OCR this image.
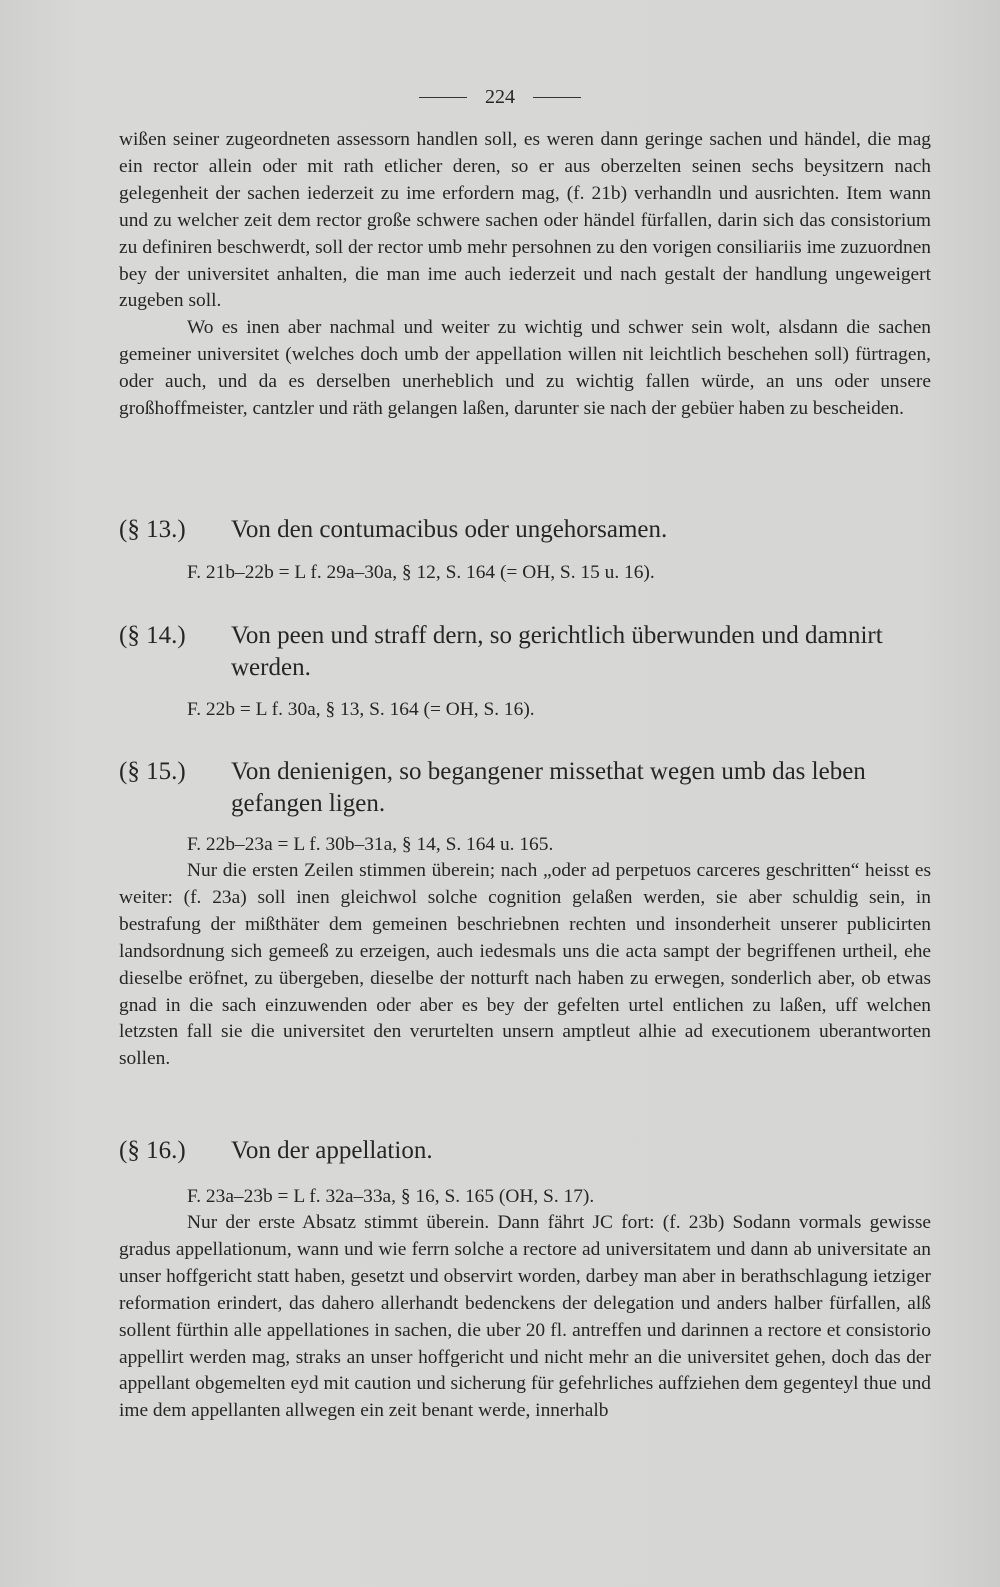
224

wißen seiner zugeordneten assessorn handlen soll, es weren dann geringe sachen und händel, die mag ein rector allein oder mit rath etlicher deren, so er aus oberzelten seinen sechs beysitzern nach gelegenheit der sachen iederzeit zu ime erfordern mag, (f. 21b) verhandln und ausrichten. Item wann und zu welcher zeit dem rector große schwere sachen oder händel fürfallen, darin sich das consistorium zu definiren beschwerdt, soll der rector umb mehr persohnen zu den vorigen consiliariis ime zuzuordnen bey der universitet anhalten, die man ime auch iederzeit und nach gestalt der handlung ungeweigert zugeben soll.

Wo es inen aber nachmal und weiter zu wichtig und schwer sein wolt, alsdann die sachen gemeiner universitet (welches doch umb der appellation willen nit leichtlich beschehen soll) fürtragen, oder auch, und da es derselben unerheblich und zu wichtig fallen würde, an uns oder unsere großhoffmeister, cantzler und räth gelangen laßen, darunter sie nach der gebüer haben zu bescheiden.

(§ 13.)	Von den contumacibus oder ungehorsamen.
F. 21b–22b = L f. 29a–30a, § 12, S. 164 (= OH, S. 15 u. 16).
(§ 14.)	Von peen und straff dern, so gerichtlich überwunden und damnirt werden.
F. 22b = L f. 30a, § 13, S. 164 (= OH, S. 16).
(§ 15.)	Von denienigen, so begangener missethat wegen umb das leben gefangen ligen.
F. 22b–23a = L f. 30b–31a, § 14, S. 164 u. 165.

Nur die ersten Zeilen stimmen überein; nach „oder ad perpetuos carceres geschritten“ heisst es weiter: (f. 23a) soll inen gleichwol solche cognition gelaßen werden, sie aber schuldig sein, in bestrafung der mißthäter dem gemeinen beschriebnen rechten und insonderheit unserer publicirten landsordnung sich gemeeß zu erzeigen, auch iedesmals uns die acta sampt der begriffenen urtheil, ehe dieselbe eröfnet, zu übergeben, dieselbe der notturft nach haben zu erwegen, sonderlich aber, ob etwas gnad in die sach einzuwenden oder aber es bey der gefelten urtel entlichen zu laßen, uff welchen letzsten fall sie die universitet den verurtelten unsern amptleut alhie ad executionem uberantworten sollen.

(§ 16.)	Von der appellation.
F. 23a–23b = L f. 32a–33a, § 16, S. 165 (OH, S. 17).

Nur der erste Absatz stimmt überein. Dann fährt JC fort: (f. 23b) Sodann vormals gewisse gradus appellationum, wann und wie ferrn solche a rectore ad universitatem und dann ab universitate an unser hoffgericht statt haben, gesetzt und observirt worden, darbey man aber in berathschlagung ietziger reformation erindert, das dahero allerhandt bedenckens der delegation und anders halber fürfallen, alß sollent fürthin alle appellationes in sachen, die uber 20 fl. antreffen und darinnen a rectore et consistorio appellirt werden mag, straks an unser hoffgericht und nicht mehr an die universitet gehen, doch das der appellant obgemelten eyd mit caution und sicherung für gefehrliches auffziehen dem gegenteyl thue und ime dem appellanten allwegen ein zeit benant werde, innerhalb
